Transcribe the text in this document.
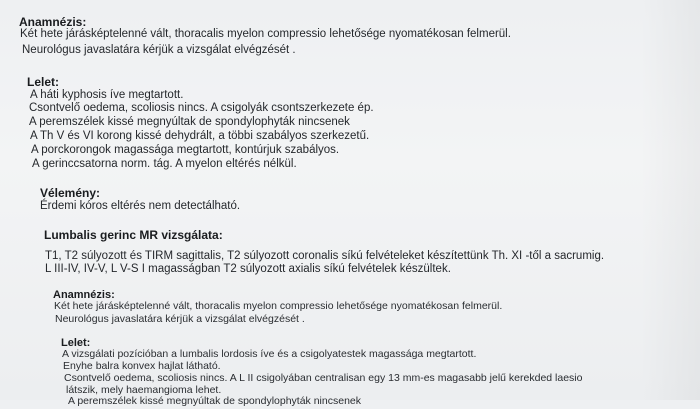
Anamnézis:
Két hete járásképtelenné vált, thoracalis myelon compressio lehetősége nyomatékosan felmerül.
Neurológus javaslatára kérjük a vizsgálat elvégzését .
Lelet:
A háti kyphosis íve megtartott.
Csontvelő oedema, scoliosis nincs. A csigolyák csontszerkezete ép.
A peremszélek kissé megnyúltak de spondylophyták nincsenek
A Th V és VI korong kissé dehydrált, a többi szabályos szerkezetű.
A porckorongok magassága megtartott, kontúrjuk szabályos.
A gerinccsatorna norm. tág. A myelon eltérés nélkül.
Vélemény:
Érdemi kóros eltérés nem detectálható.
Lumbalis gerinc MR vizsgálata:
T1, T2 súlyozott és TIRM sagittalis, T2 súlyozott coronalis síkú felvételeket készítettünk Th. XI -től a sacrumig.
L III-IV, IV-V, L V-S I magasságban T2 súlyozott axialis síkú felvételek készültek.
Anamnézis:
Két hete járásképtelenné vált, thoracalis myelon compressio lehetősége nyomatékosan felmerül.
Neurológus javaslatára kérjük a vizsgálat elvégzését .
Lelet:
A vizsgálati pozícióban a lumbalis lordosis íve és a csigolyatestek magassága megtartott.
Enyhe balra konvex hajlat látható.
Csontvelő oedema, scoliosis nincs. A L II csigolyában centralisan egy 13 mm-es magasabb jelű kerekded laesio
látszik, mely haemangioma lehet.
A peremszélek kissé megnyúltak de spondylophyták nincsenek
